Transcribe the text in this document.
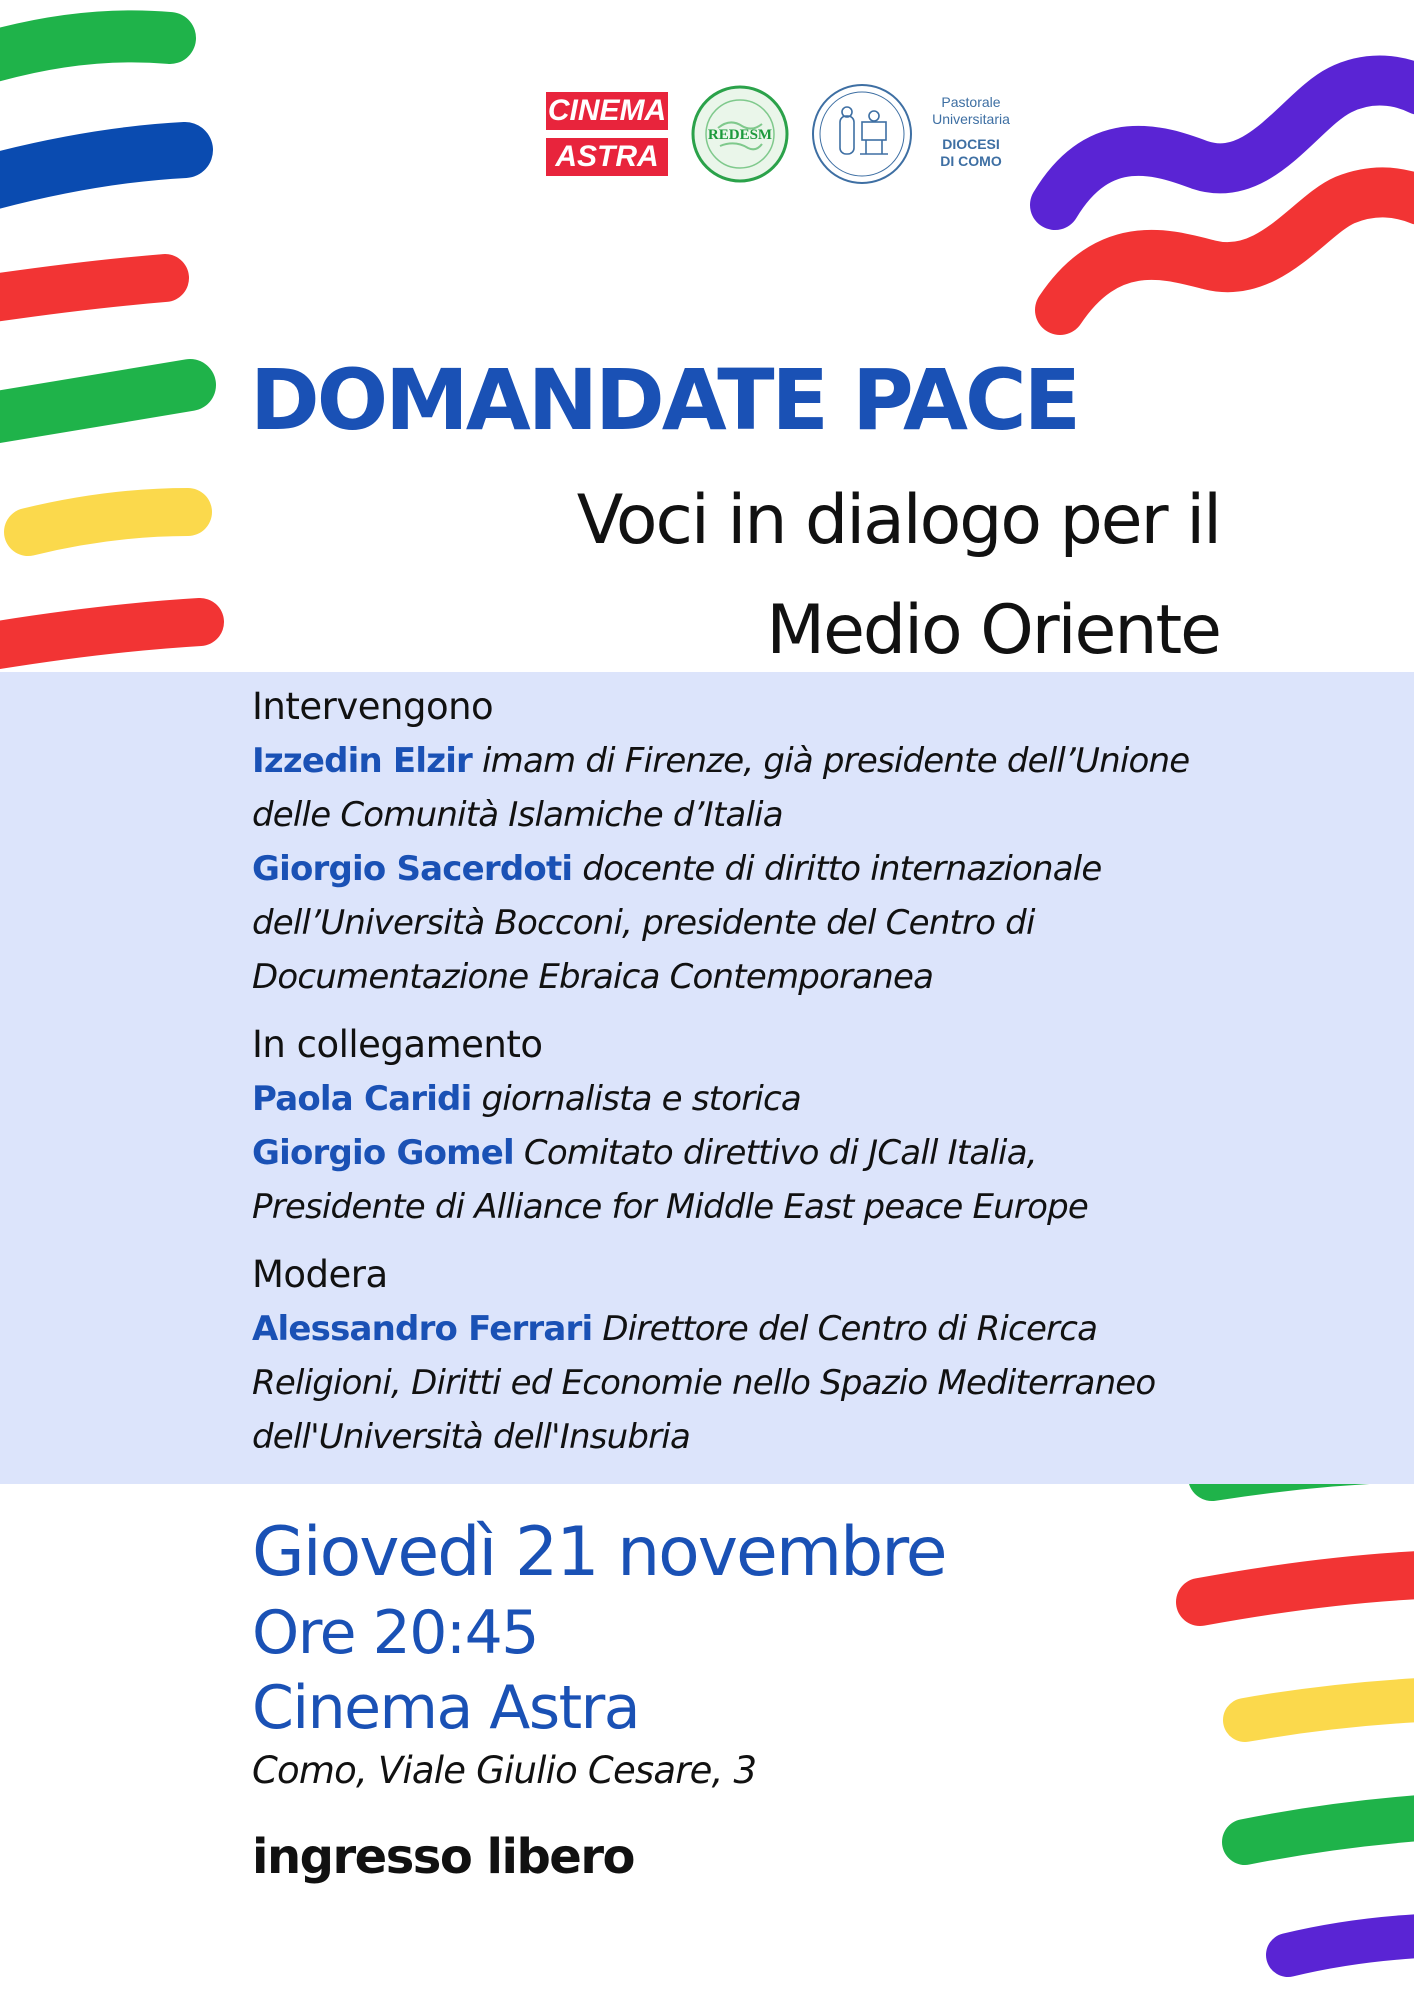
CINEMA
ASTRA
REDESM
Pastorale
Universitaria
DIOCESI
DI COMO
DOMANDATE PACE
Voci in dialogo per il
Medio Oriente
Intervengono

Izzedin Elzir imam di Firenze, già presidente dell’Unione
delle Comunità Islamiche d’Italia

Giorgio Sacerdoti docente di diritto internazionale
dell’Università Bocconi, presidente del Centro di
Documentazione Ebraica Contemporanea

In collegamento

Paola Caridi giornalista e storica

Giorgio Gomel Comitato direttivo di JCall Italia,
Presidente di Alliance for Middle East peace Europe

Modera

Alessandro Ferrari Direttore del Centro di Ricerca
Religioni, Diritti ed Economie nello Spazio Mediterraneo
dell'Università dell'Insubria

Giovedì 21 novembre

Ore 20:45

Cinema Astra

Como, Viale Giulio Cesare, 3

ingresso libero
